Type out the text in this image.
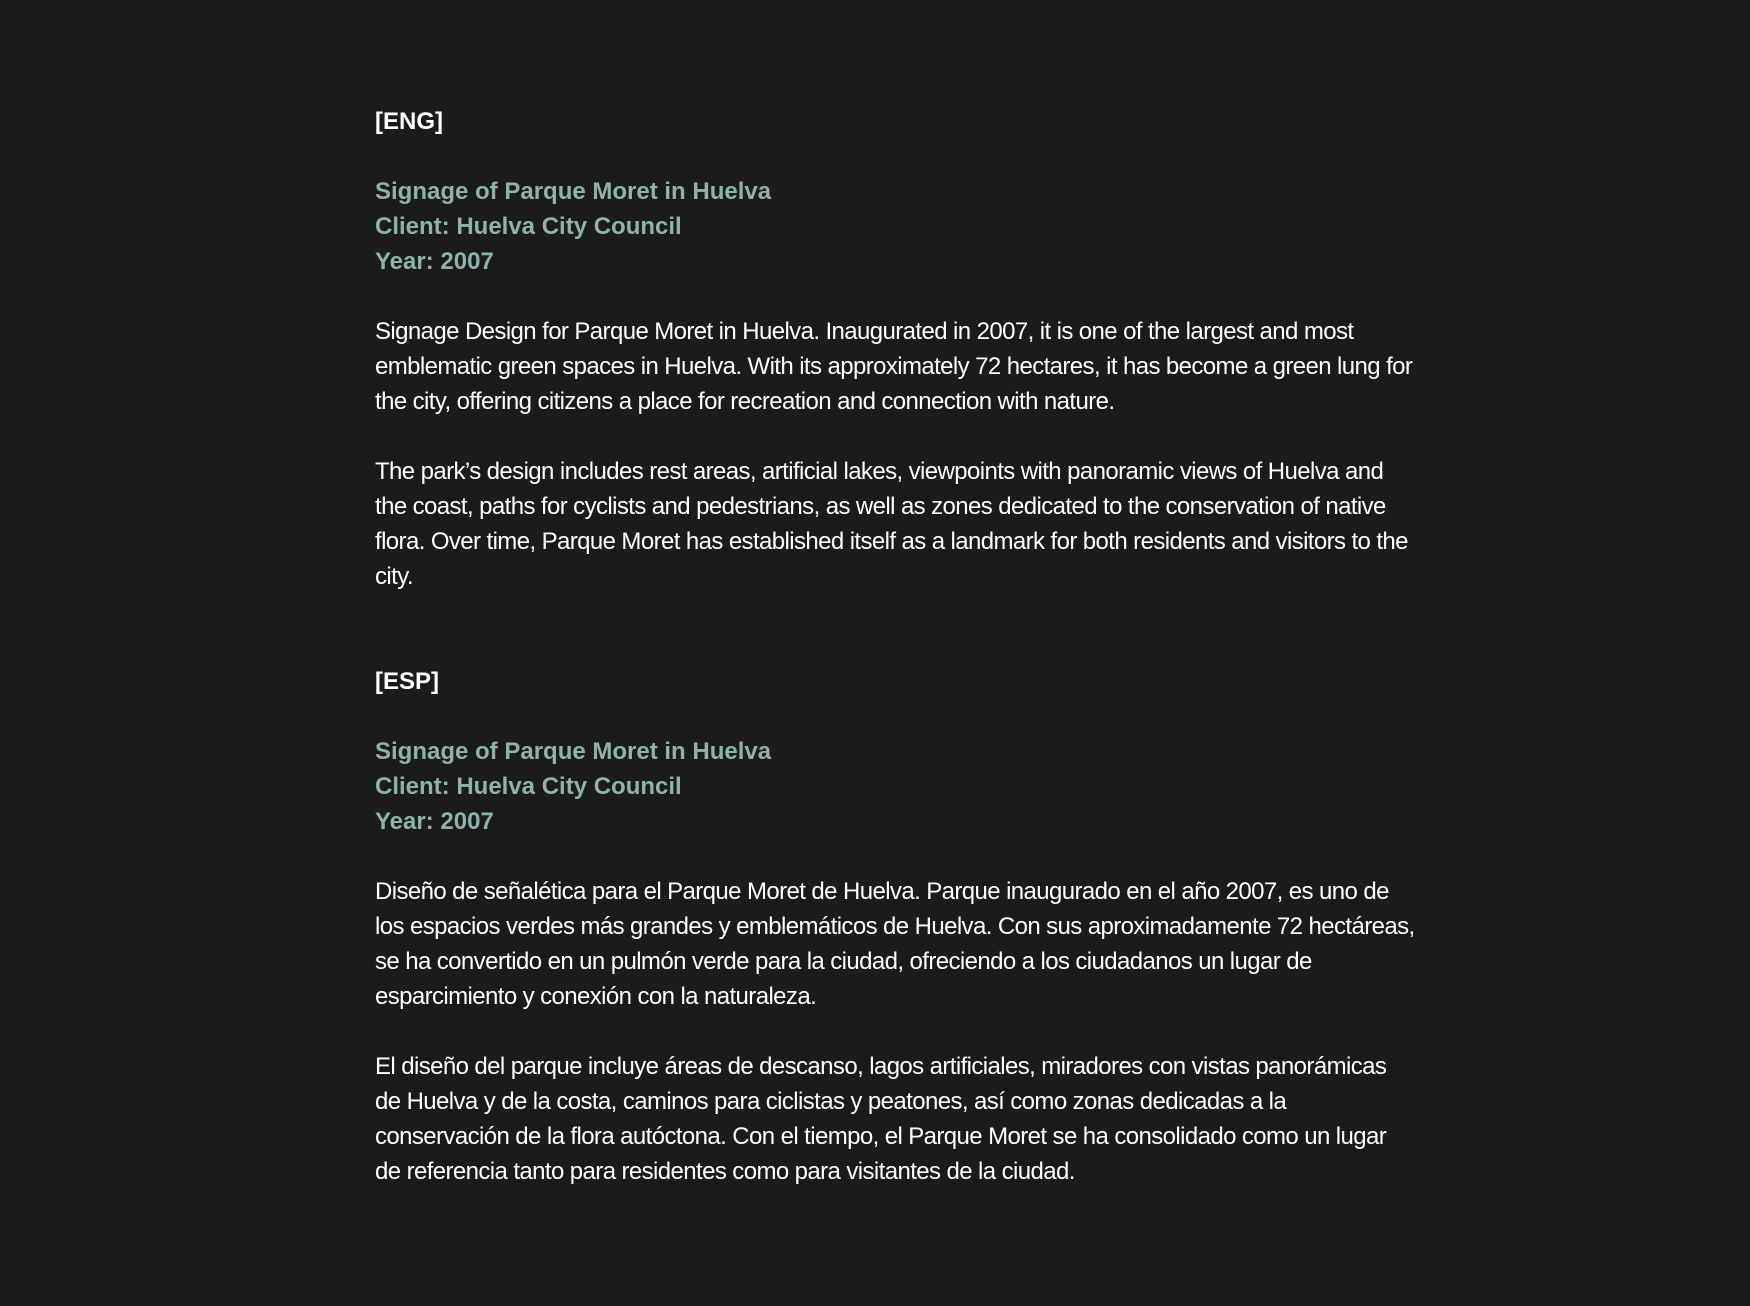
[ENG]

Signage of Parque Moret in Huelva
Client: Huelva City Council
Year: 2007

Signage Design for Parque Moret in Huelva. Inaugurated in 2007, it is one of the largest and most emblematic green spaces in Huelva. With its approximately 72 hectares, it has become a green lung for the city, offering citizens a place for recreation and connection with nature.

The park’s design includes rest areas, artificial lakes, viewpoints with panoramic views of Huelva and the coast, paths for cyclists and pedestrians, as well as zones dedicated to the conservation of native flora. Over time, Parque Moret has established itself as a landmark for both residents and visitors to the city.

[ESP]

Signage of Parque Moret in Huelva
Client: Huelva City Council
Year: 2007

Diseño de señalética para el Parque Moret de Huelva. Parque inaugurado en el año 2007, es uno de los espacios verdes más grandes y emblemáticos de Huelva. Con sus aproximadamente 72 hectáreas, se ha convertido en un pulmón verde para la ciudad, ofreciendo a los ciudadanos un lugar de esparcimiento y conexión con la naturaleza.

El diseño del parque incluye áreas de descanso, lagos artificiales, miradores con vistas panorámicas de Huelva y de la costa, caminos para ciclistas y peatones, así como zonas dedicadas a la conservación de la flora autóctona. Con el tiempo, el Parque Moret se ha consolidado como un lugar de referencia tanto para residentes como para visitantes de la ciudad.
